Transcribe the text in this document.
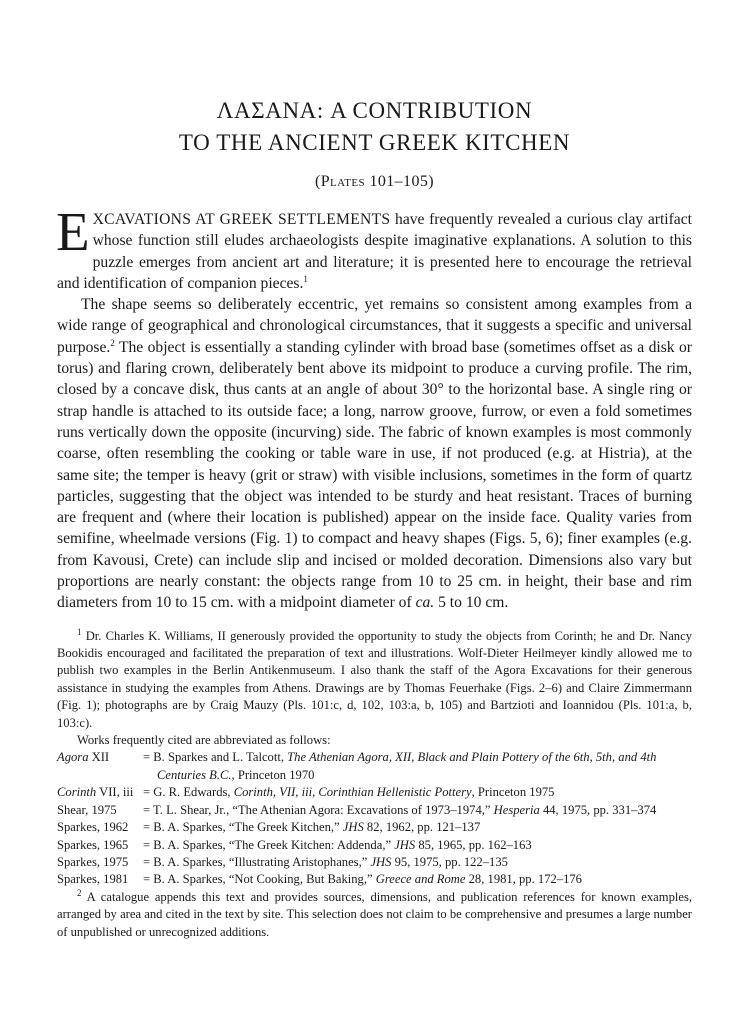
ΛΑΣΑΝΑ: A CONTRIBUTION
TO THE ANCIENT GREEK KITCHEN
(Plates 101–105)

EXCAVATIONS AT GREEK SETTLEMENTS have frequently revealed a curious clay artifact whose function still eludes archaeologists despite imaginative explanations. A solution to this puzzle emerges from ancient art and literature; it is presented here to encourage the retrieval and identification of companion pieces.$^1$

The shape seems so deliberately eccentric, yet remains so consistent among examples from a wide range of geographical and chronological circumstances, that it suggests a specific and universal purpose.$^2$ The object is essentially a standing cylinder with broad base (sometimes offset as a disk or torus) and flaring crown, deliberately bent above its midpoint to produce a curving profile. The rim, closed by a concave disk, thus cants at an angle of about 30° to the horizontal base. A single ring or strap handle is attached to its outside face; a long, narrow groove, furrow, or even a fold sometimes runs vertically down the opposite (incurving) side. The fabric of known examples is most commonly coarse, often resembling the cooking or table ware in use, if not produced (e.g. at Histria), at the same site; the temper is heavy (grit or straw) with visible inclusions, sometimes in the form of quartz particles, suggesting that the object was intended to be sturdy and heat resistant. Traces of burning are frequent and (where their location is published) appear on the inside face. Quality varies from semifine, wheelmade versions (Fig. 1) to compact and heavy shapes (Figs. 5, 6); finer examples (e.g. from Kavousi, Crete) can include slip and incised or molded decoration. Dimensions also vary but proportions are nearly constant: the objects range from 10 to 25 cm. in height, their base and rim diameters from 10 to 15 cm. with a midpoint diameter of ca. 5 to 10 cm.

$^1$ Dr. Charles K. Williams, II generously provided the opportunity to study the objects from Corinth; he and Dr. Nancy Bookidis encouraged and facilitated the preparation of text and illustrations. Wolf-Dieter Heilmeyer kindly allowed me to publish two examples in the Berlin Antikenmuseum. I also thank the staff of the Agora Excavations for their generous assistance in studying the examples from Athens. Drawings are by Thomas Feuerhake (Figs. 2–6) and Claire Zimmermann (Fig. 1); photographs are by Craig Mauzy (Pls. 101:c, d, 102, 103:a, b, 105) and Bartzioti and Ioannidou (Pls. 101:a, b, 103:c).

Works frequently cited are abbreviated as follows:

Agora XII	= B. Sparkes and L. Talcott, The Athenian Agora, XII, Black and Plain Pottery of the 6th, 5th, and 4th Centuries B.C., Princeton 1970
Corinth VII, iii	= G. R. Edwards, Corinth, VII, iii, Corinthian Hellenistic Pottery, Princeton 1975
Shear, 1975	= T. L. Shear, Jr., “The Athenian Agora: Excavations of 1973–1974,” Hesperia 44, 1975, pp. 331–374
Sparkes, 1962	= B. A. Sparkes, “The Greek Kitchen,” JHS 82, 1962, pp. 121–137
Sparkes, 1965	= B. A. Sparkes, “The Greek Kitchen: Addenda,” JHS 85, 1965, pp. 162–163
Sparkes, 1975	= B. A. Sparkes, “Illustrating Aristophanes,” JHS 95, 1975, pp. 122–135
Sparkes, 1981	= B. A. Sparkes, “Not Cooking, But Baking,” Greece and Rome 28, 1981, pp. 172–176

$^2$ A catalogue appends this text and provides sources, dimensions, and publication references for known examples, arranged by area and cited in the text by site. This selection does not claim to be comprehensive and presumes a large number of unpublished or unrecognized additions.
